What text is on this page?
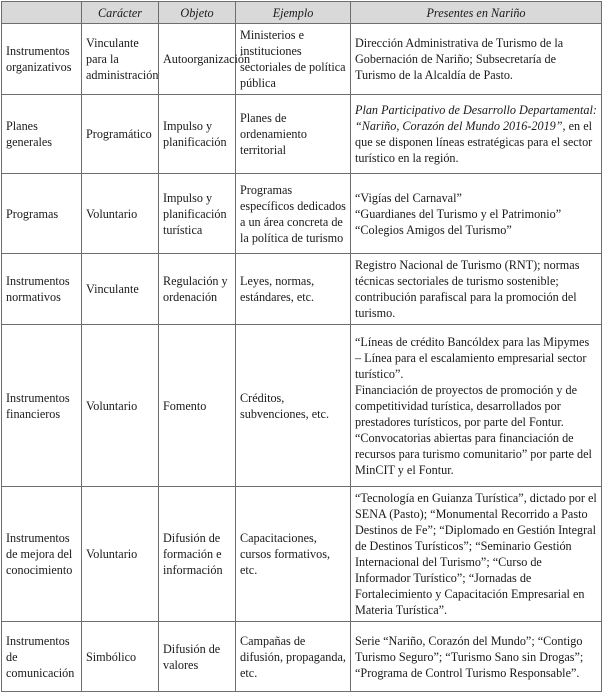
	Carácter	Objeto	Ejemplo	Presentes en Nariño
Instrumentos organizativos	Vinculante para la administración	Autoorganización	Ministerios e instituciones sectoriales de política pública	Dirección Administrativa de Turismo de la Gobernación de Nariño; Subsecretaría de Turismo de la Alcaldía de Pasto.
Planes generales	Programático	Impulso y planificación	Planes de ordenamiento territorial	Plan Participativo de Desarrollo Departamental: “Nariño, Corazón del Mundo 2016-2019”, en el que se disponen líneas estratégicas para el sector turístico en la región.
Programas	Voluntario	Impulso y planificación turística	Programas específicos dedicados a un área concreta de la política de turismo	“Vigías del Carnaval”
“Guardianes del Turismo y el Patrimonio”
“Colegios Amigos del Turismo”

Instrumentos normativos	Vinculante	Regulación y ordenación	Leyes, normas, estándares, etc.	Registro Nacional de Turismo (RNT); normas técnicas sectoriales de turismo sostenible; contribución parafiscal para la promoción del turismo.
Instrumentos financieros	Voluntario	Fomento	Créditos, subvenciones, etc.	“Líneas de crédito Bancóldex para las Mipymes – Línea para el escalamiento empresarial sector turístico”.
Financiación de proyectos de promoción y de competitividad turística, desarrollados por prestadores turísticos, por parte del Fontur.
“Convocatorias abiertas para financiación de recursos para turismo comunitario” por parte del MinCIT y el Fontur.

Instrumentos de mejora del conocimiento	Voluntario	Difusión de formación e información	Capacitaciones, cursos formativos, etc.	“Tecnología en Guianza Turística”, dictado por el SENA (Pasto); “Monumental Recorrido a Pasto Destinos de Fe”; “Diplomado en Gestión Integral de Destinos Turísticos”; “Seminario Gestión Internacional del Turismo”; “Curso de Informador Turístico”; “Jornadas de Fortalecimiento y Capacitación Empresarial en Materia Turística”.
Instrumentos de comunicación	Simbólico	Difusión de valores	Campañas de difusión, propaganda, etc.	Serie “Nariño, Corazón del Mundo”; “Contigo Turismo Seguro”; “Turismo Sano sin Drogas”; “Programa de Control Turismo Responsable”.
